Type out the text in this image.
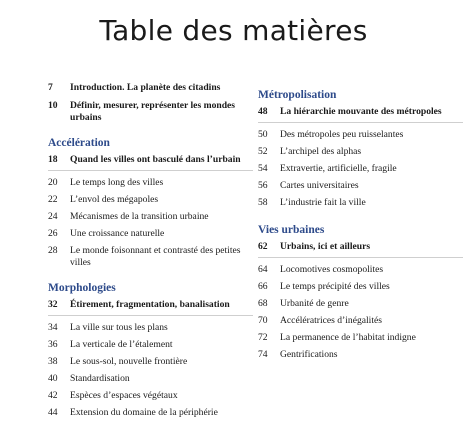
Table des matières
7	Introduction. La planète des citadins
10	Définir, mesurer, représenter les mondes urbains
Accélération
18	Quand les villes ont basculé dans l’urbain
20	Le temps long des villes
22	L’envol des mégapoles
24	Mécanismes de la transition urbaine
26	Une croissance naturelle
28	Le monde foisonnant et contrasté des petites villes
Morphologies
32	Étirement, fragmentation, banalisation
34	La ville sur tous les plans
36	La verticale de l’étalement
38	Le sous-sol, nouvelle frontière
40	Standardisation
42	Espèces d’espaces végétaux
44	Extension du domaine de la périphérie
Métropolisation
48	La hiérarchie mouvante des métropoles
50	Des métropoles peu ruisselantes
52	L’archipel des alphas
54	Extravertie, artificielle, fragile
56	Cartes universitaires
58	L’industrie fait la ville
Vies urbaines
62	Urbains, ici et ailleurs
64	Locomotives cosmopolites
66	Le temps précipité des villes
68	Urbanité de genre
70	Accélératrices d’inégalités
72	La permanence de l’habitat indigne
74	Gentrifications
